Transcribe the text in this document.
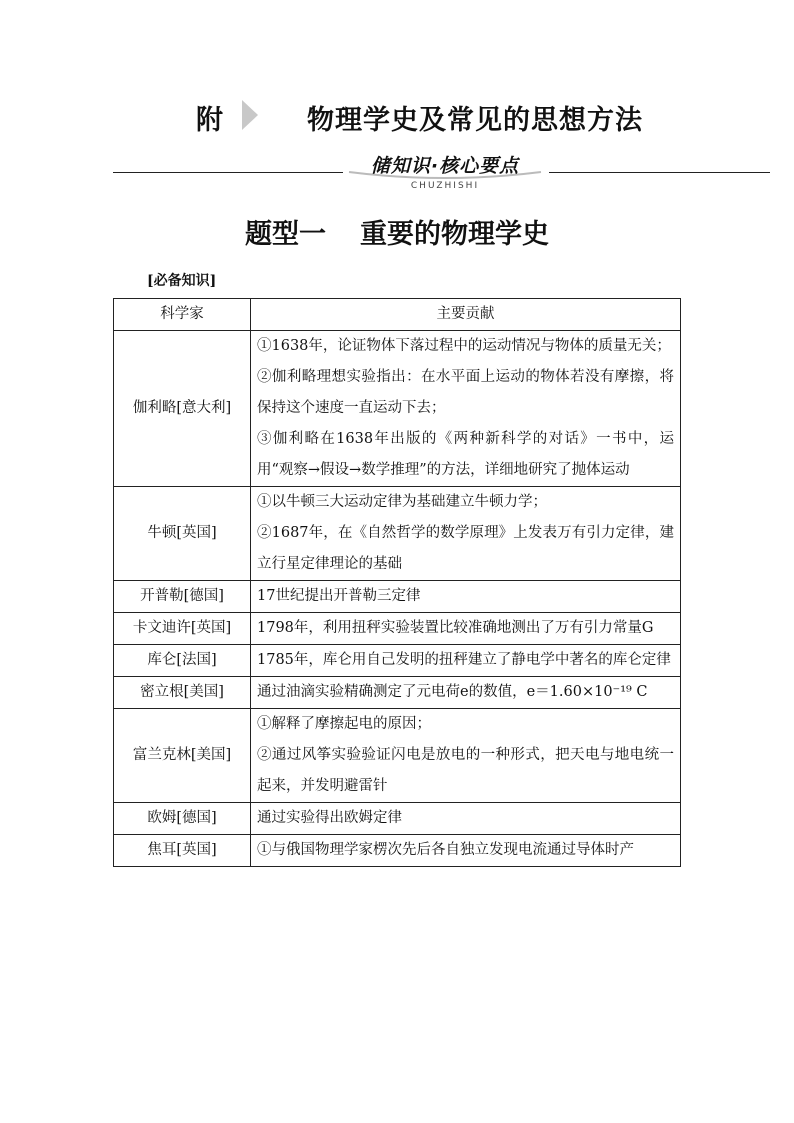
附	物理学史及常见的思想方法
储知识·核心要点
CHUZHISHI
题型一 重要的物理学史
[必备知识]
科学家	主要贡献
伽利略[意大利]	①1638年，论证物体下落过程中的运动情况与物体的质量无关；
②伽利略理想实验指出：在水平面上运动的物体若没有摩擦，将保持这个速度一直运动下去；
③伽利略在1638年出版的《两种新科学的对话》一书中，运用“观察→假设→数学推理”的方法，详细地研究了抛体运动

牛顿[英国]	①以牛顿三大运动定律为基础建立牛顿力学；
②1687年，在《自然哲学的数学原理》上发表万有引力定律，建立行星定律理论的基础

开普勒[德国]	17世纪提出开普勒三定律

卡文迪许[英国]	1798年，利用扭秤实验装置比较准确地测出了万有引力常量G

库仑[法国]	1785年，库仑用自己发明的扭秤建立了静电学中著名的库仑定律

密立根[美国]	通过油滴实验精确测定了元电荷e的数值，e＝1.60×10⁻¹⁹ C

富兰克林[美国]	①解释了摩擦起电的原因；
②通过风筝实验验证闪电是放电的一种形式，把天电与地电统一起来，并发明避雷针

欧姆[德国]	通过实验得出欧姆定律

焦耳[英国]	①与俄国物理学家楞次先后各自独立发现电流通过导体时产
